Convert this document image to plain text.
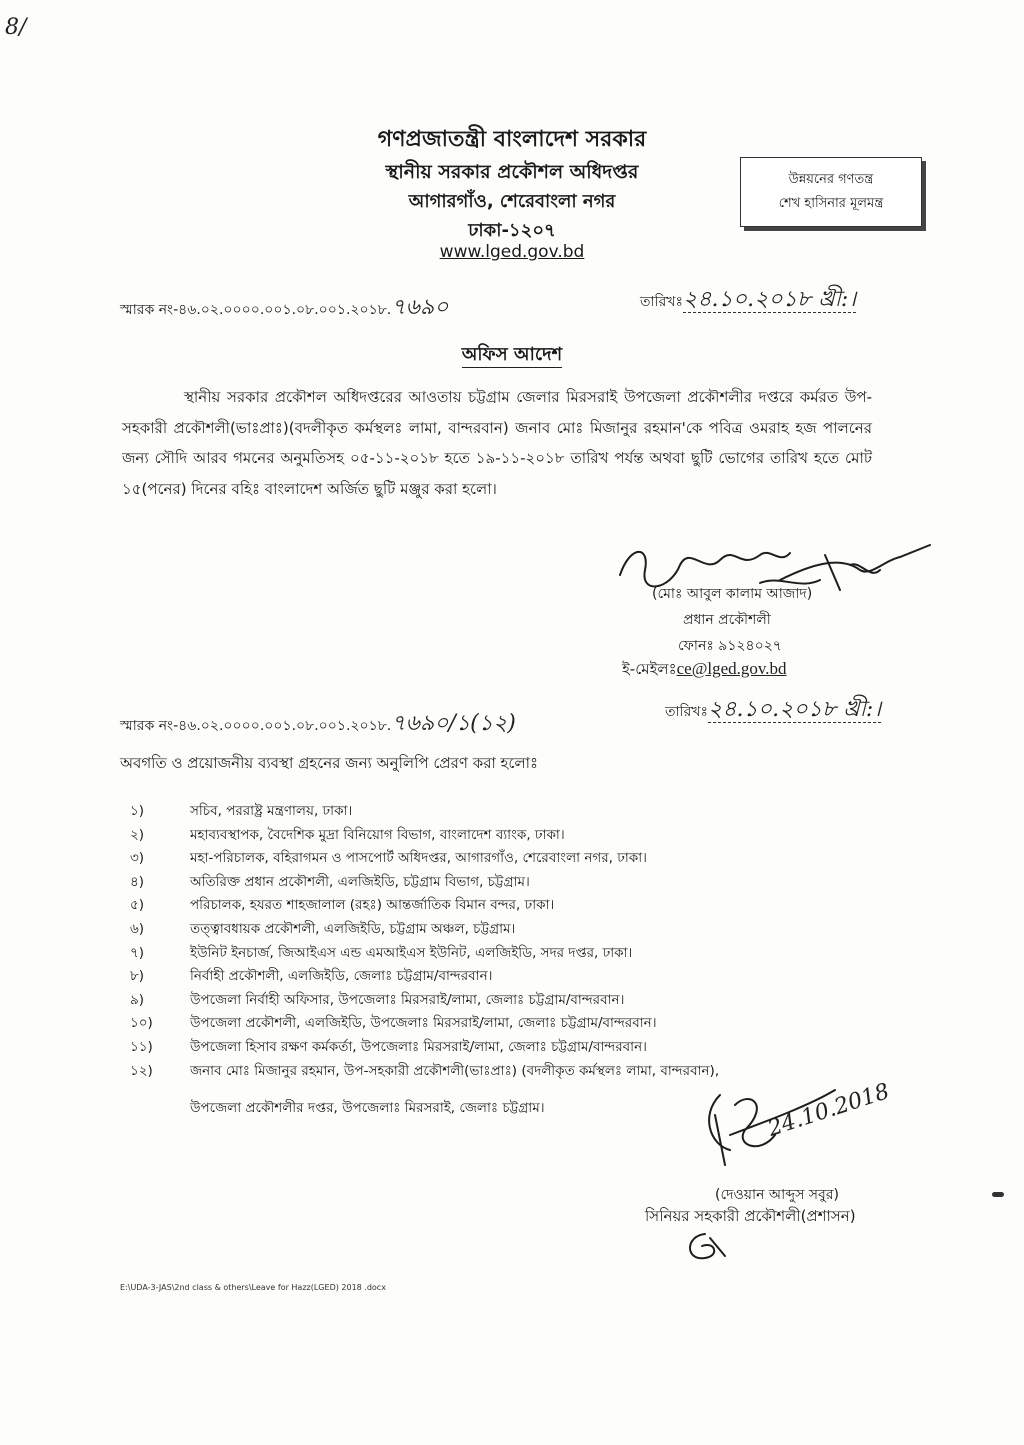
8/
গণপ্রজাতন্ত্রী বাংলাদেশ সরকার
স্থানীয় সরকার প্রকৌশল অধিদপ্তর
আগারগাঁও, শেরেবাংলা নগর
ঢাকা-১২০৭
www.lged.gov.bd
উন্নয়নের গণতন্ত্র
শেখ হাসিনার মূলমন্ত্র
স্মারক নং-৪৬.০২.০০০০.০০১.০৮.০০১.২০১৮.৭৬৯০	তারিখঃ২৪.১০.২০১৮ খ্রী:।
অফিস আদেশ
স্থানীয় সরকার প্রকৌশল অধিদপ্তরের আওতায় চট্টগ্রাম জেলার মিরসরাই উপজেলা প্রকৌশলীর দপ্তরে কর্মরত উপ-সহকারী প্রকৌশলী(ভাঃপ্রাঃ)(বদলীকৃত কর্মস্থলঃ লামা, বান্দরবান) জনাব মোঃ মিজানুর রহমান'কে পবিত্র ওমরাহ হজ পালনের জন্য সৌদি আরব গমনের অনুমতিসহ ০৫-১১-২০১৮ হতে ১৯-১১-২০১৮ তারিখ পর্যন্ত অথবা ছুটি ভোগের তারিখ হতে মোট ১৫(পনের) দিনের বহিঃ বাংলাদেশ অর্জিত ছুটি মঞ্জুর করা হলো।
(মোঃ আবুল কালাম আজাদ)
প্রধান প্রকৌশলী
ফোনঃ ৯১২৪০২৭
ই-মেইলঃce@lged.gov.bd
স্মারক নং-৪৬.০২.০০০০.০০১.০৮.০০১.২০১৮.৭৬৯০/১(১২)	তারিখঃ২৪.১০.২০১৮ খ্রী:।
অবগতি ও প্রয়োজনীয় ব্যবস্থা গ্রহনের জন্য অনুলিপি প্রেরণ করা হলোঃ
১)	সচিব, পররাষ্ট্র মন্ত্রণালয়, ঢাকা।
২)	মহাব্যবস্থাপক, বৈদেশিক মুদ্রা বিনিয়োগ বিভাগ, বাংলাদেশ ব্যাংক, ঢাকা।
৩)	মহা-পরিচালক, বহিরাগমন ও পাসপোর্ট অধিদপ্তর, আগারগাঁও, শেরেবাংলা নগর, ঢাকা।
৪)	অতিরিক্ত প্রধান প্রকৌশলী, এলজিইডি, চট্টগ্রাম বিভাগ, চট্টগ্রাম।
৫)	পরিচালক, হযরত শাহজালাল (রহঃ) আন্তর্জাতিক বিমান বন্দর, ঢাকা।
৬)	তত্ত্বাবধায়ক প্রকৌশলী, এলজিইডি, চট্টগ্রাম অঞ্চল, চট্টগ্রাম।
৭)	ইউনিট ইনচার্জ, জিআইএস এন্ড এমআইএস ইউনিট, এলজিইডি, সদর দপ্তর, ঢাকা।
৮)	নির্বাহী প্রকৌশলী, এলজিইডি, জেলাঃ চট্টগ্রাম/বান্দরবান।
৯)	উপজেলা নির্বাহী অফিসার, উপজেলাঃ মিরসরাই/লামা, জেলাঃ চট্টগ্রাম/বান্দরবান।
১০)	উপজেলা প্রকৌশলী, এলজিইডি, উপজেলাঃ মিরসরাই/লামা, জেলাঃ চট্টগ্রাম/বান্দরবান।
১১)	উপজেলা হিসাব রক্ষণ কর্মকর্তা, উপজেলাঃ মিরসরাই/লামা, জেলাঃ চট্টগ্রাম/বান্দরবান।
১২)	জনাব মোঃ মিজানুর রহমান, উপ-সহকারী প্রকৌশলী(ভাঃপ্রাঃ) (বদলীকৃত কর্মস্থলঃ লামা, বান্দরবান),
উপজেলা প্রকৌশলীর দপ্তর, উপজেলাঃ মিরসরাই, জেলাঃ চট্টগ্রাম।	24.10.2018
(দেওয়ান আব্দুস সবুর)
সিনিয়র সহকারী প্রকৌশলী(প্রশাসন)
E:\UDA-3-JAS\2nd class & others\Leave for Hazz(LGED) 2018 .docx
